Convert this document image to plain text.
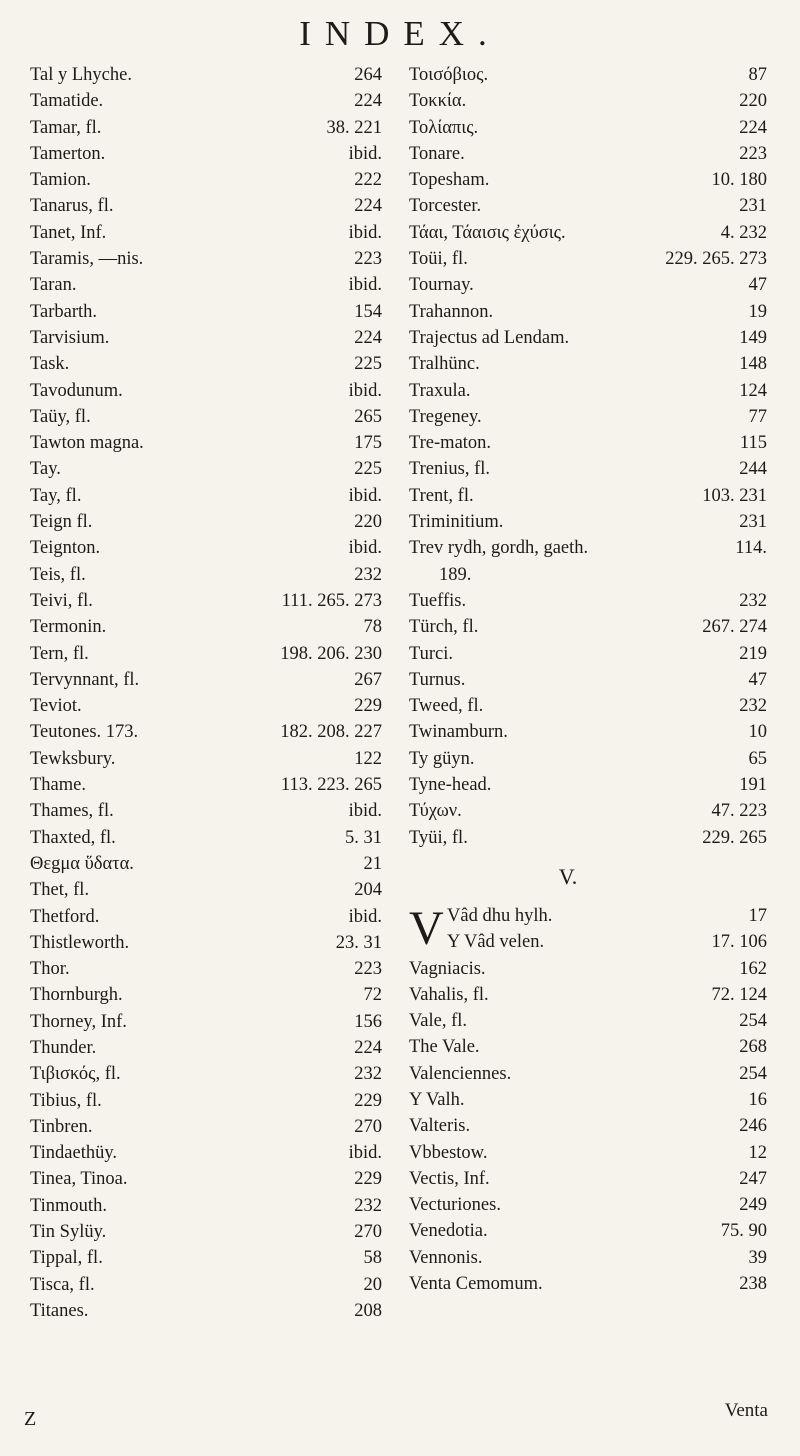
INDEX.
Tal y Lhyche.	264
Tamatide.	224
Tamar, fl.	38. 221
Tamerton.	ibid.
Tamion.	222
Tanarus, fl.	224
Tanet, Inf.	ibid.
Taramis, —nis.	223
Taran.	ibid.
Tarbarth.	154
Tarvisium.	224
Task.	225
Tavodunum.	ibid.
Taüy, fl.	265
Tawton magna.	175
Tay.	225
Tay, fl.	ibid.
Teign fl.	220
Teignton.	ibid.
Teis, fl.	232
Teivi, fl.	111. 265. 273
Termonin.	78
Tern, fl.	198. 206. 230
Tervynnant, fl.	267
Teviot.	229
Teutones. 173.	182. 208. 227
Tewksbury.	122
Thame.	113. 223. 265
Thames, fl.	ibid.
Thaxted, fl.	5. 31
Θεgμα ὕδατα.	21
Thet, fl.	204
Thetford.	ibid.
Thistleworth.	23. 31
Thor.	223
Thornburgh.	72
Thorney, Inf.	156
Thunder.	224
Τιβισκός, fl.	232
Tibius, fl.	229
Tinbren.	270
Tindaethüy.	ibid.
Tinea, Tinoa.	229
Tinmouth.	232
Tin Sylüy.	270
Tippal, fl.	58
Tisca, fl.	20
Titanes.	208
Τοισόβιος.	87
Τοκκία.	220
Τολίαπις.	224
Tonare.	223
Topesham.	10. 180
Torcester.	231
Τάαι, Τάαισις ἐχύσις.	4. 232
Toüi, fl.	229. 265. 273
Tournay.	47
Trahannon.	19
Trajectus ad Lendam.	149
Tralhünc.	148
Traxula.	124
Tregeney.	77
Tre-maton.	115
Trenius, fl.	244
Trent, fl.	103. 231
Triminitium.	231
Trev rydh, gordh, gaeth.	114.
189.
Tueffis.	232
Türch, fl.	267. 274
Turci.	219
Turnus.	47
Tweed, fl.	232
Twinamburn.	10
Ty güyn.	65
Tyne-head.	191
Τύχων.	47. 223
Tyüi, fl.	229. 265
V.
V Vâd dhu hylh.	17
Y Vâd velen.	17. 106
Vagniacis.	162
Vahalis, fl.	72. 124
Vale, fl.	254
The Vale.	268
Valenciennes.	254
Y Valh.	16
Valteris.	246
Vbbestow.	12
Vectis, Inf.	247
Vecturiones.	249
Venedotia.	75. 90
Vennonis.	39
Venta Cemomum.	238
Z	Venta
